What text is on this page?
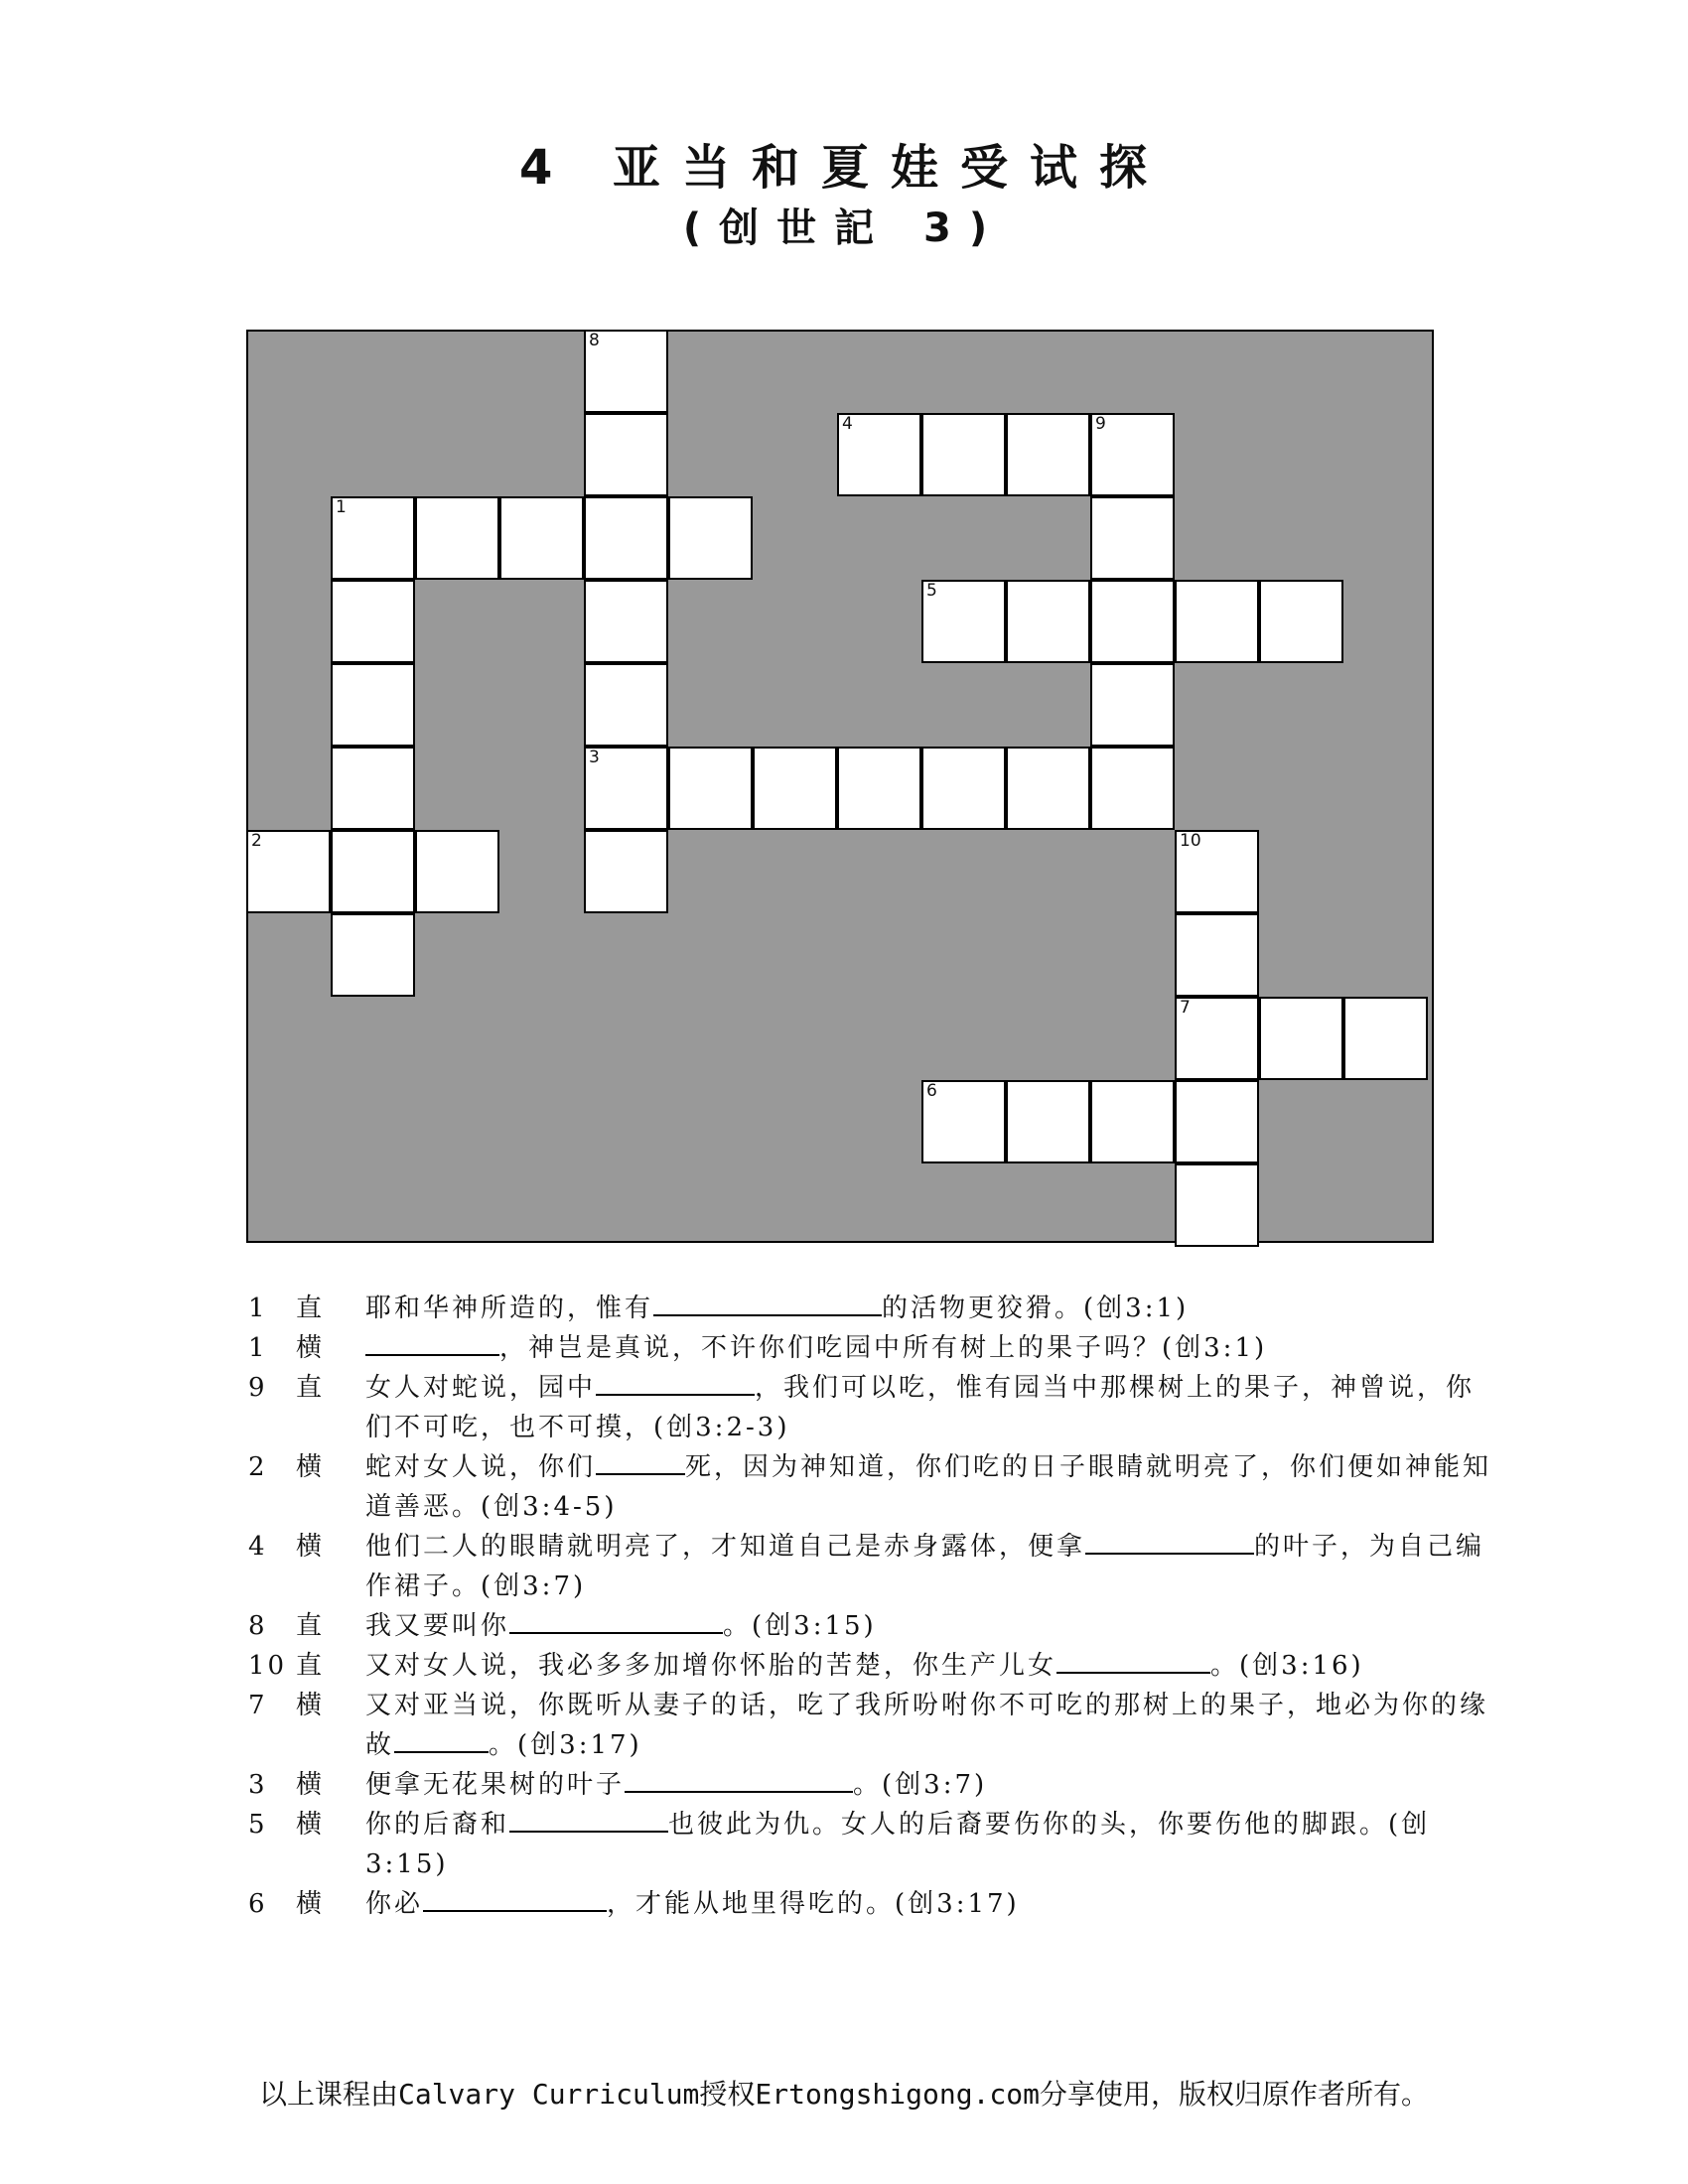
4 亚当和夏娃受试探
(创世記 3)
8
4	9
1
5
3
2	10
7
6
1 直 耶和华神所造的，惟有	的活物更狡猾。(创3:1)
1 横	，神岂是真说，不许你们吃园中所有树上的果子吗？(创3:1)
9 直 女人对蛇说，园中	，我们可以吃，惟有园当中那棵树上的果子，神曾说，你们不可吃，也不可摸，(创3:2-3)
2 横 蛇对女人说，你们	死，因为神知道，你们吃的日子眼睛就明亮了，你们便如神能知道善恶。(创3:4-5)
4 横 他们二人的眼睛就明亮了，才知道自己是赤身露体，便拿	的叶子，为自己编作裙子。(创3:7)
8 直 我又要叫你	。(创3:15)
10 直 又对女人说，我必多多加增你怀胎的苦楚，你生产儿女	。(创3:16)
7 横 又对亚当说，你既听从妻子的话，吃了我所吩咐你不可吃的那树上的果子，地必为你的缘故	。(创3:17)
3 横 便拿无花果树的叶子	。(创3:7)
5 横 你的后裔和	也彼此为仇。女人的后裔要伤你的头，你要伤他的脚跟。(创3:15)
6 横 你必	，才能从地里得吃的。(创3:17)
以上课程由Calvary Curriculum授权Ertongshigong.com分享使用，版权归原作者所有。
